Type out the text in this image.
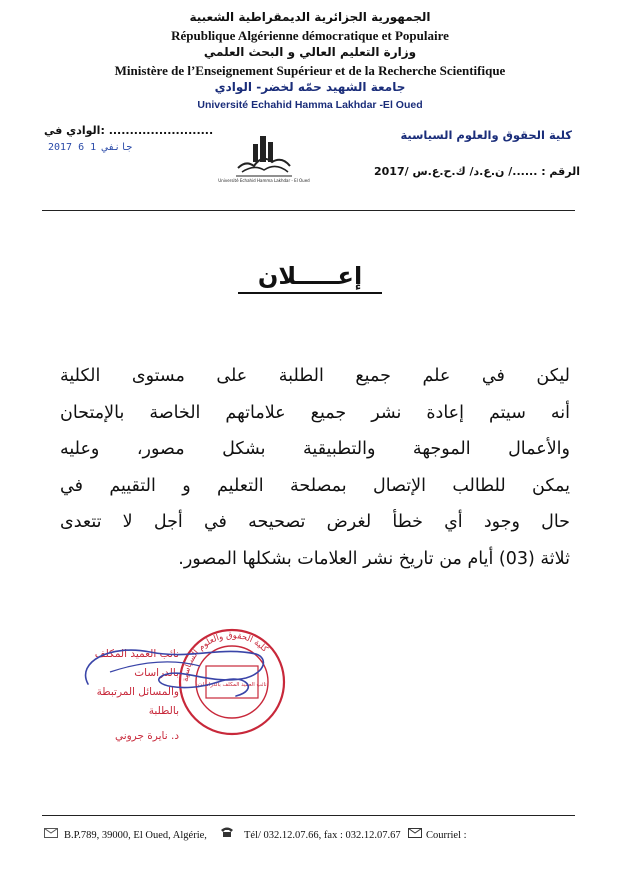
الجمهورية الجزائرية الديمقراطية الشعبية
République Algérienne démocratique et Populaire
وزارة التعليم العالي و البحث العلمي
Ministère de l’Enseignement Supérieur et de la Recherche Scientifique
جامعة الشهيد حمّه لخضر- الوادي
Université Echahid Hamma Lakhdar -El Oued
كلية الحقوق والعلوم السياسية
الوادي في: .........................
2017 جانفي 1 6
Université Echahid Hamma Lakhdar - El Oued
الرقم : ....../ ن.ع.د/ ك.ح.ع.س /2017
إعـــــلان
ليكن في علم جميع الطلبة على مستوى الكلية
أنه سيتم إعادة نشر جميع علاماتهم الخاصة بالإمتحان
والأعمال الموجهة والتطبيقية بشكل مصور، وعليه
يمكن للطالب الإتصال بمصلحة التعليم و التقييم في
حال وجود أي خطأ لغرض تصحيحه في أجل لا تتعدى
ثلاثة (03) أيام من تاريخ نشر العلامات بشكلها المصور.
كلية الحقوق والعلوم السياسية
نائب العميد المكلف بالدراسات
نائب العميد المكلف بالدراسات
والمسائل المرتبطة بالطلبة
د. نايرة جروني
B.P.789, 39000, El Oued, Algérie,	Tél/ 032.12.07.66, fax : 032.12.07.67 Courriel :
